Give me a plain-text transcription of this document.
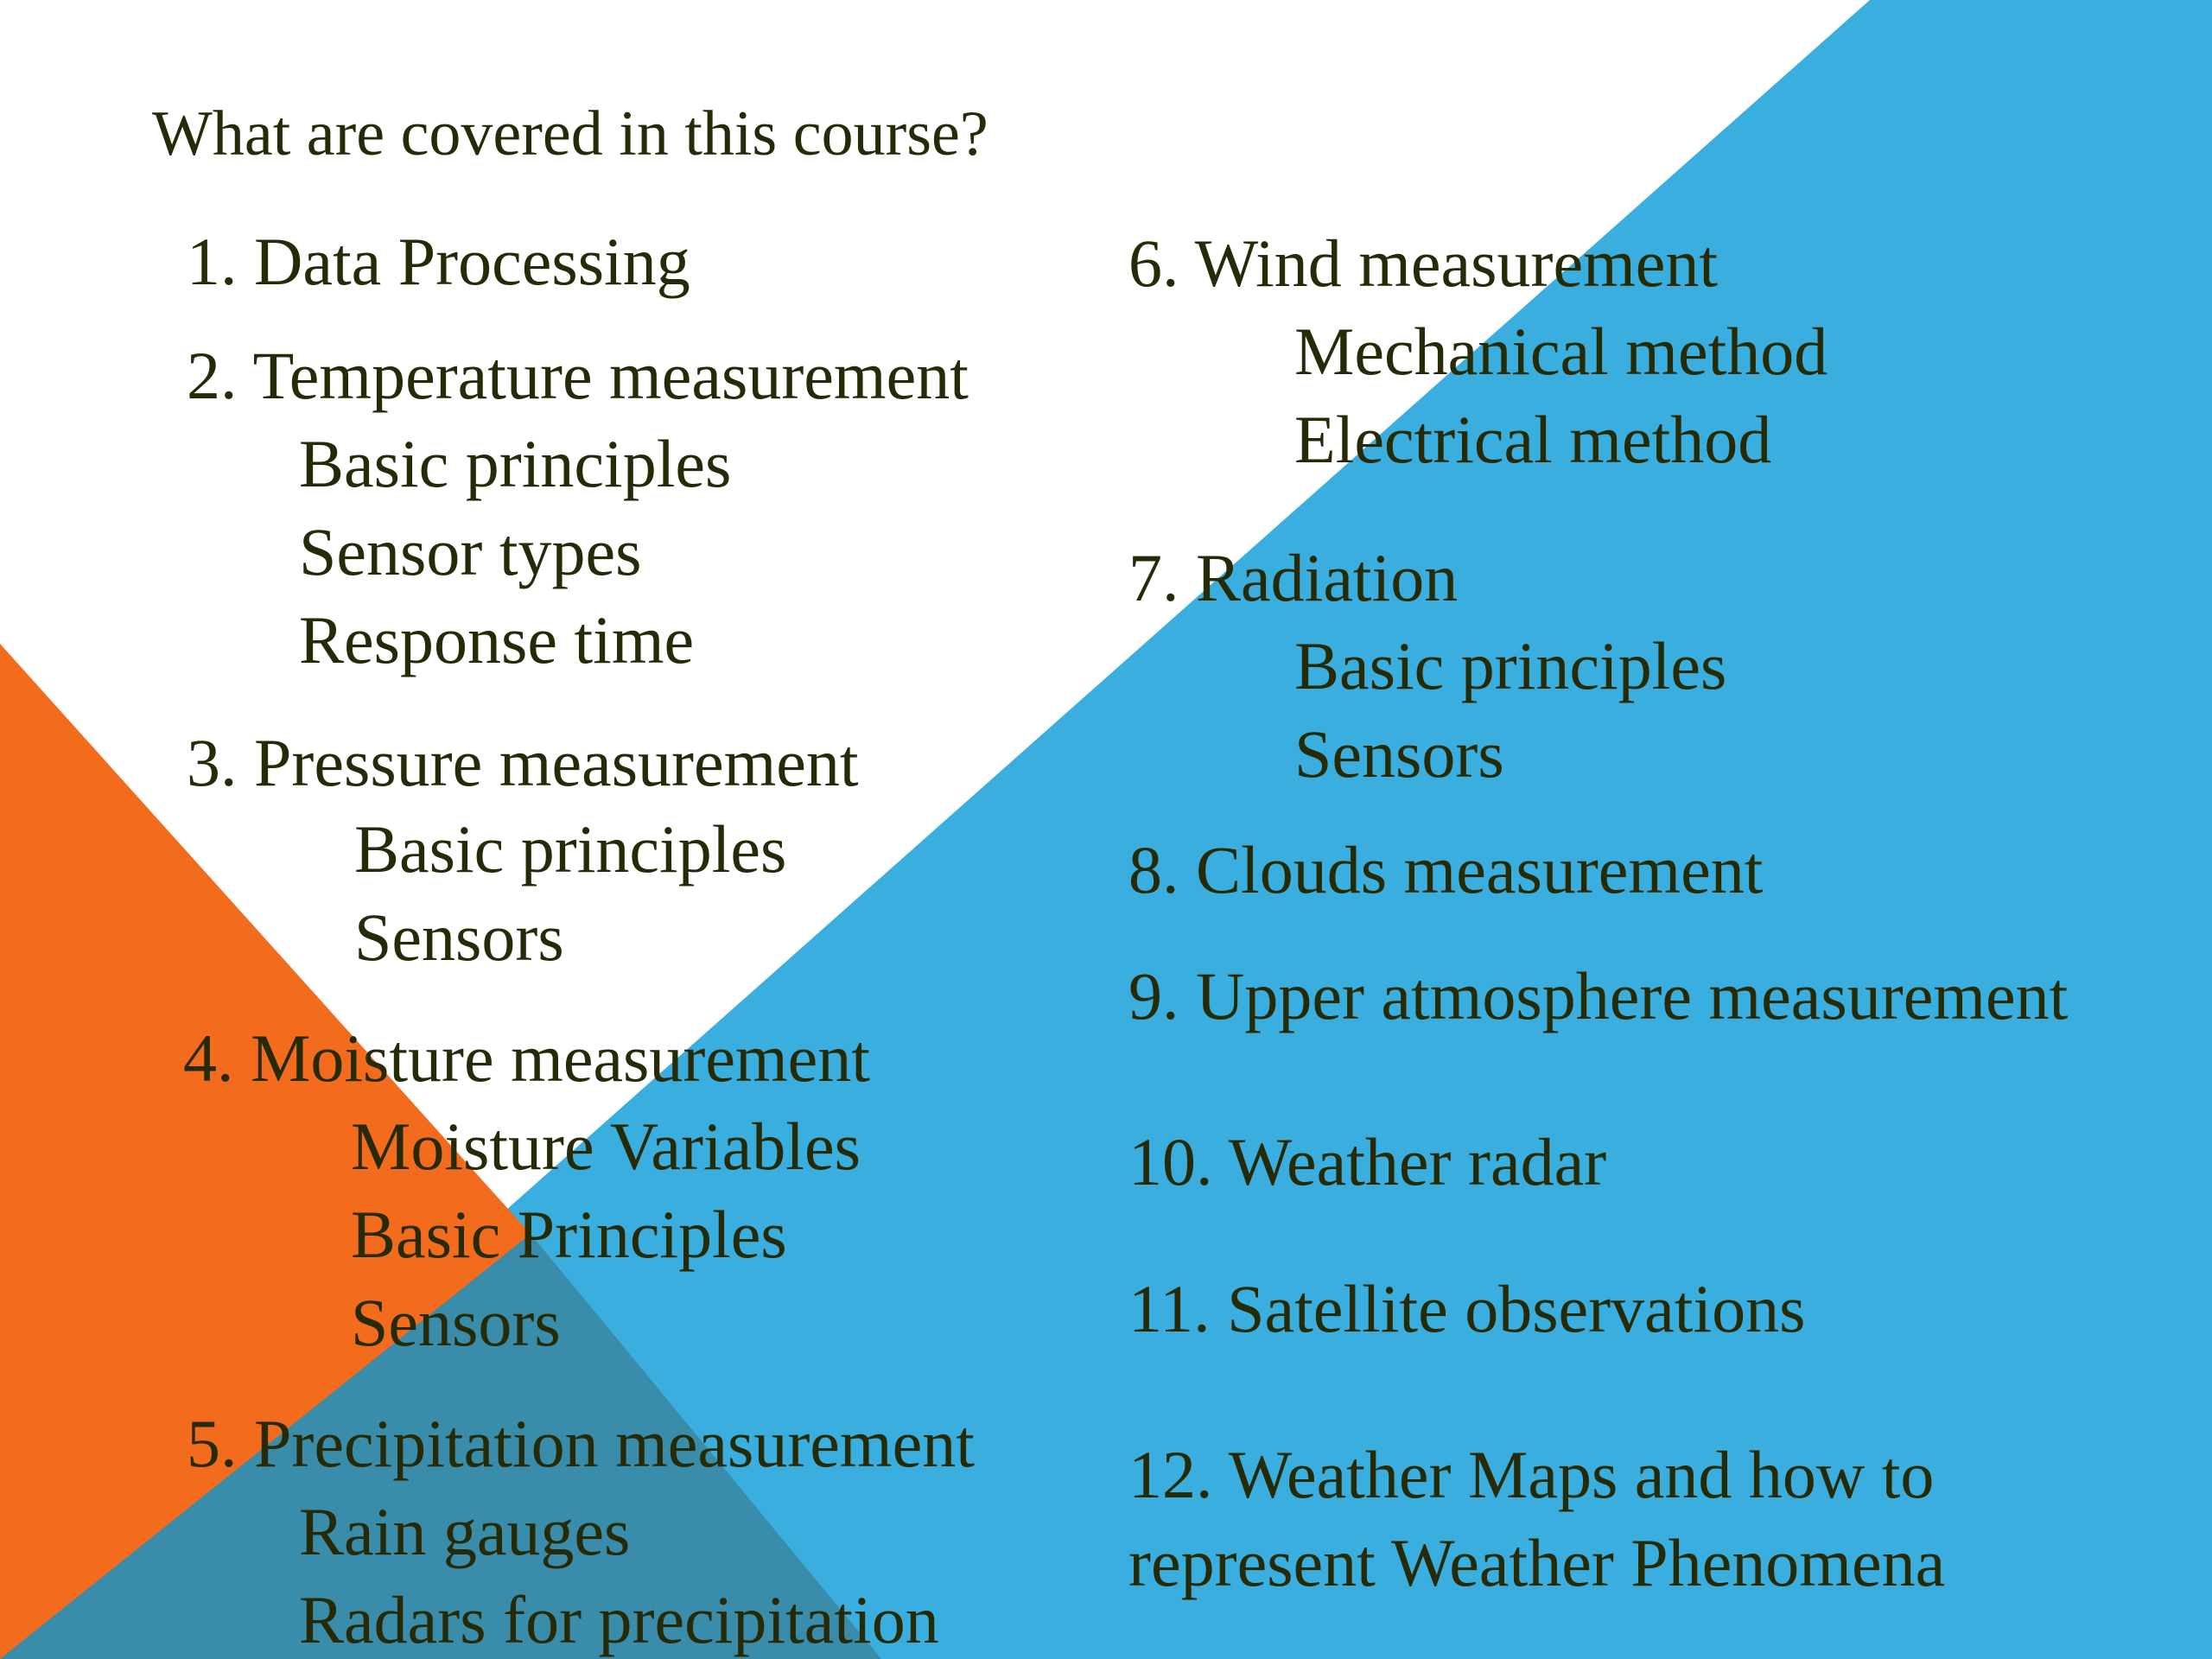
What are covered in this course?
1. Data Processing
2. Temperature measurement
Basic principles
Sensor types
Response time
3. Pressure measurement
Basic principles
Sensors
4. Moisture measurement
Moisture Variables
Basic Principles
Sensors
5. Precipitation measurement
Rain gauges
Radars for precipitation
6. Wind measurement
Mechanical method
Electrical method
7. Radiation
Basic principles
Sensors
8. Clouds measurement
9. Upper atmosphere measurement
10. Weather radar
11. Satellite observations
12. Weather Maps and how to
represent Weather Phenomena
